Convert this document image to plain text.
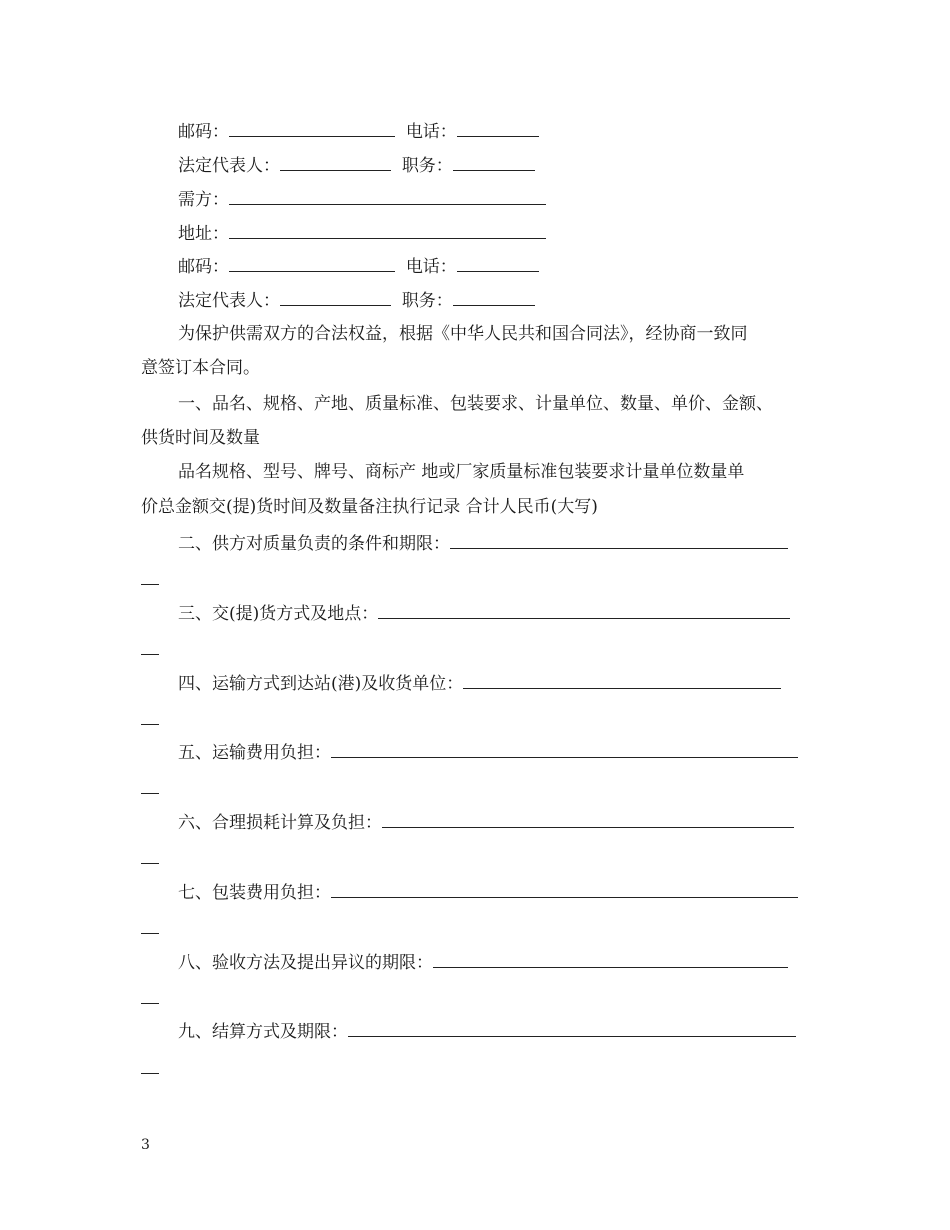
邮码：	电话：
法定代表人：	职务：
需方：
地址：
邮码：	电话：
法定代表人：	职务：
为保护供需双方的合法权益，根据《中华人民共和国合同法》，经协商一致同
意签订本合同。
一、品名、规格、产地、质量标准、包装要求、计量单位、数量、单价、金额、
供货时间及数量
品名规格、型号、牌号、商标产 地或厂家质量标准包装要求计量单位数量单
价总金额交(提)货时间及数量备注执行记录 合计人民币(大写)
二、供方对质量负责的条件和期限：
三、交(提)货方式及地点：
四、运输方式到达站(港)及收货单位：
五、运输费用负担：
六、合理损耗计算及负担：
七、包装费用负担：
八、验收方法及提出异议的期限：
九、结算方式及期限：
3
